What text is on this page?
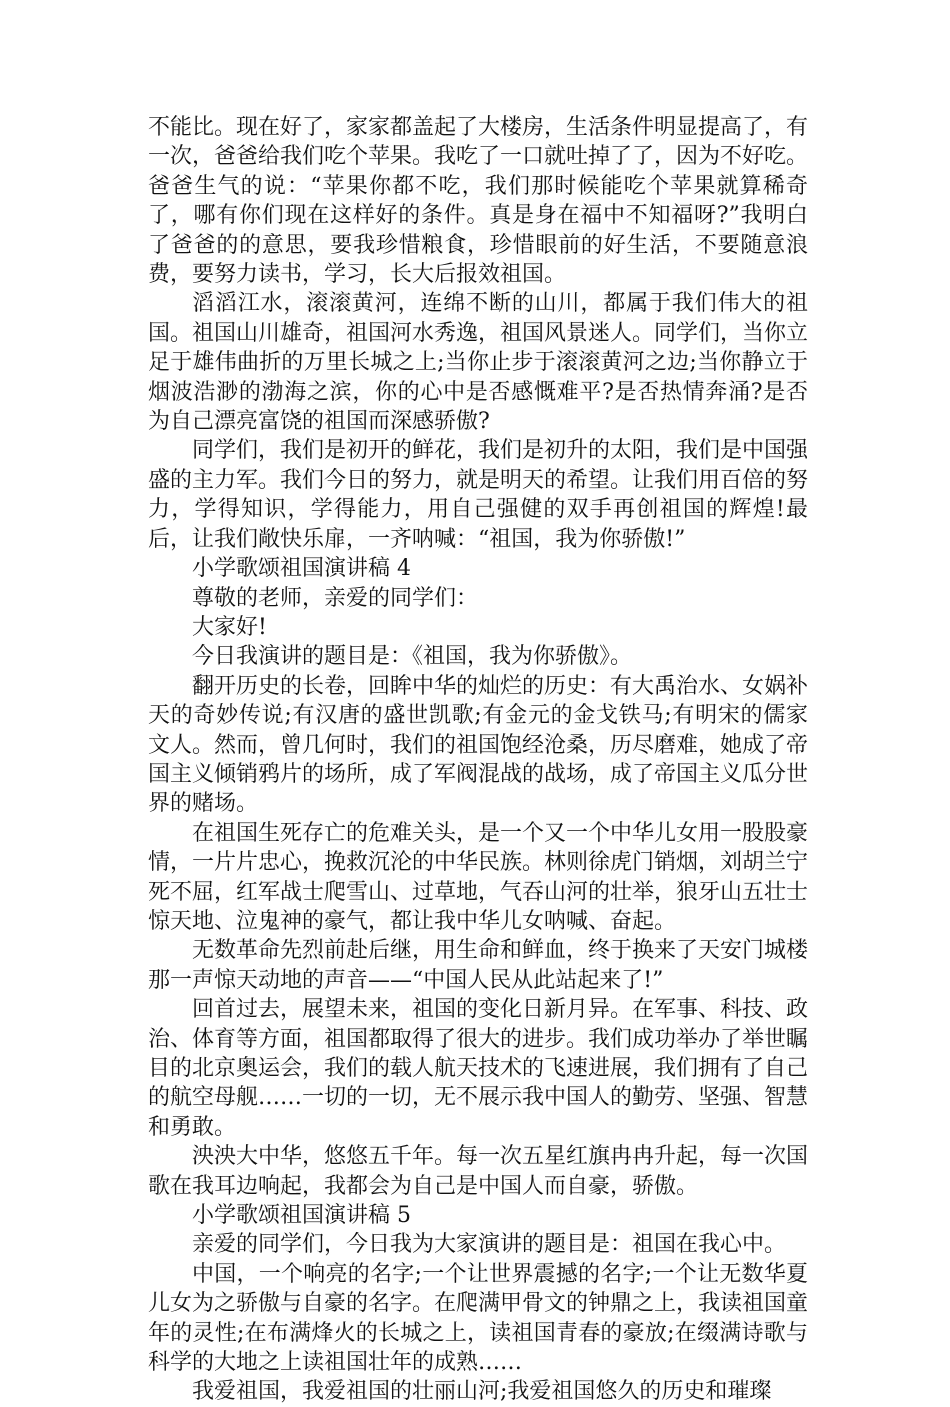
不能比。现在好了，家家都盖起了大楼房，生活条件明显提高了，有一次，爸爸给我们吃个苹果。我吃了一口就吐掉了了，因为不好吃。爸爸生气的说：“苹果你都不吃，我们那时候能吃个苹果就算稀奇了，哪有你们现在这样好的条件。真是身在福中不知福呀?”我明白了爸爸的的意思，要我珍惜粮食，珍惜眼前的好生活，不要随意浪费，要努力读书，学习，长大后报效祖国。

滔滔江水，滚滚黄河，连绵不断的山川，都属于我们伟大的祖国。祖国山川雄奇，祖国河水秀逸，祖国风景迷人。同学们，当你立足于雄伟曲折的万里长城之上;当你止步于滚滚黄河之边;当你静立于烟波浩渺的渤海之滨，你的心中是否感慨难平?是否热情奔涌?是否为自己漂亮富饶的祖国而深感骄傲?

同学们，我们是初开的鲜花，我们是初升的太阳，我们是中国强盛的主力军。我们今日的努力，就是明天的希望。让我们用百倍的努力，学得知识，学得能力，用自己强健的双手再创祖国的辉煌!最后，让我们敞快乐扉，一齐呐喊：“祖国，我为你骄傲!”

小学歌颂祖国演讲稿 4

尊敬的老师，亲爱的同学们：

大家好!

今日我演讲的题目是：《祖国，我为你骄傲》。

翻开历史的长卷，回眸中华的灿烂的历史：有大禹治水、女娲补天的奇妙传说;有汉唐的盛世凯歌;有金元的金戈铁马;有明宋的儒家文人。然而，曾几何时，我们的祖国饱经沧桑，历尽磨难，她成了帝国主义倾销鸦片的场所，成了军阀混战的战场，成了帝国主义瓜分世界的赌场。

在祖国生死存亡的危难关头，是一个又一个中华儿女用一股股豪情，一片片忠心，挽救沉沦的中华民族。林则徐虎门销烟，刘胡兰宁死不屈，红军战士爬雪山、过草地，气吞山河的壮举，狼牙山五壮士惊天地、泣鬼神的豪气，都让我中华儿女呐喊、奋起。

无数革命先烈前赴后继，用生命和鲜血，终于换来了天安门城楼那一声惊天动地的声音——“中国人民从此站起来了!”

回首过去，展望未来，祖国的变化日新月异。在军事、科技、政治、体育等方面，祖国都取得了很大的进步。我们成功举办了举世瞩目的北京奥运会，我们的载人航天技术的飞速进展，我们拥有了自己的航空母舰……一切的一切，无不展示我中国人的勤劳、坚强、智慧和勇敢。

泱泱大中华，悠悠五千年。每一次五星红旗冉冉升起，每一次国歌在我耳边响起，我都会为自己是中国人而自豪，骄傲。

小学歌颂祖国演讲稿 5

亲爱的同学们，今日我为大家演讲的题目是：祖国在我心中。

中国，一个响亮的名字;一个让世界震撼的名字;一个让无数华夏儿女为之骄傲与自豪的名字。在爬满甲骨文的钟鼎之上，我读祖国童年的灵性;在布满烽火的长城之上，读祖国青春的豪放;在缀满诗歌与科学的大地之上读祖国壮年的成熟……

我爱祖国，我爱祖国的壮丽山河;我爱祖国悠久的历史和璀璨
